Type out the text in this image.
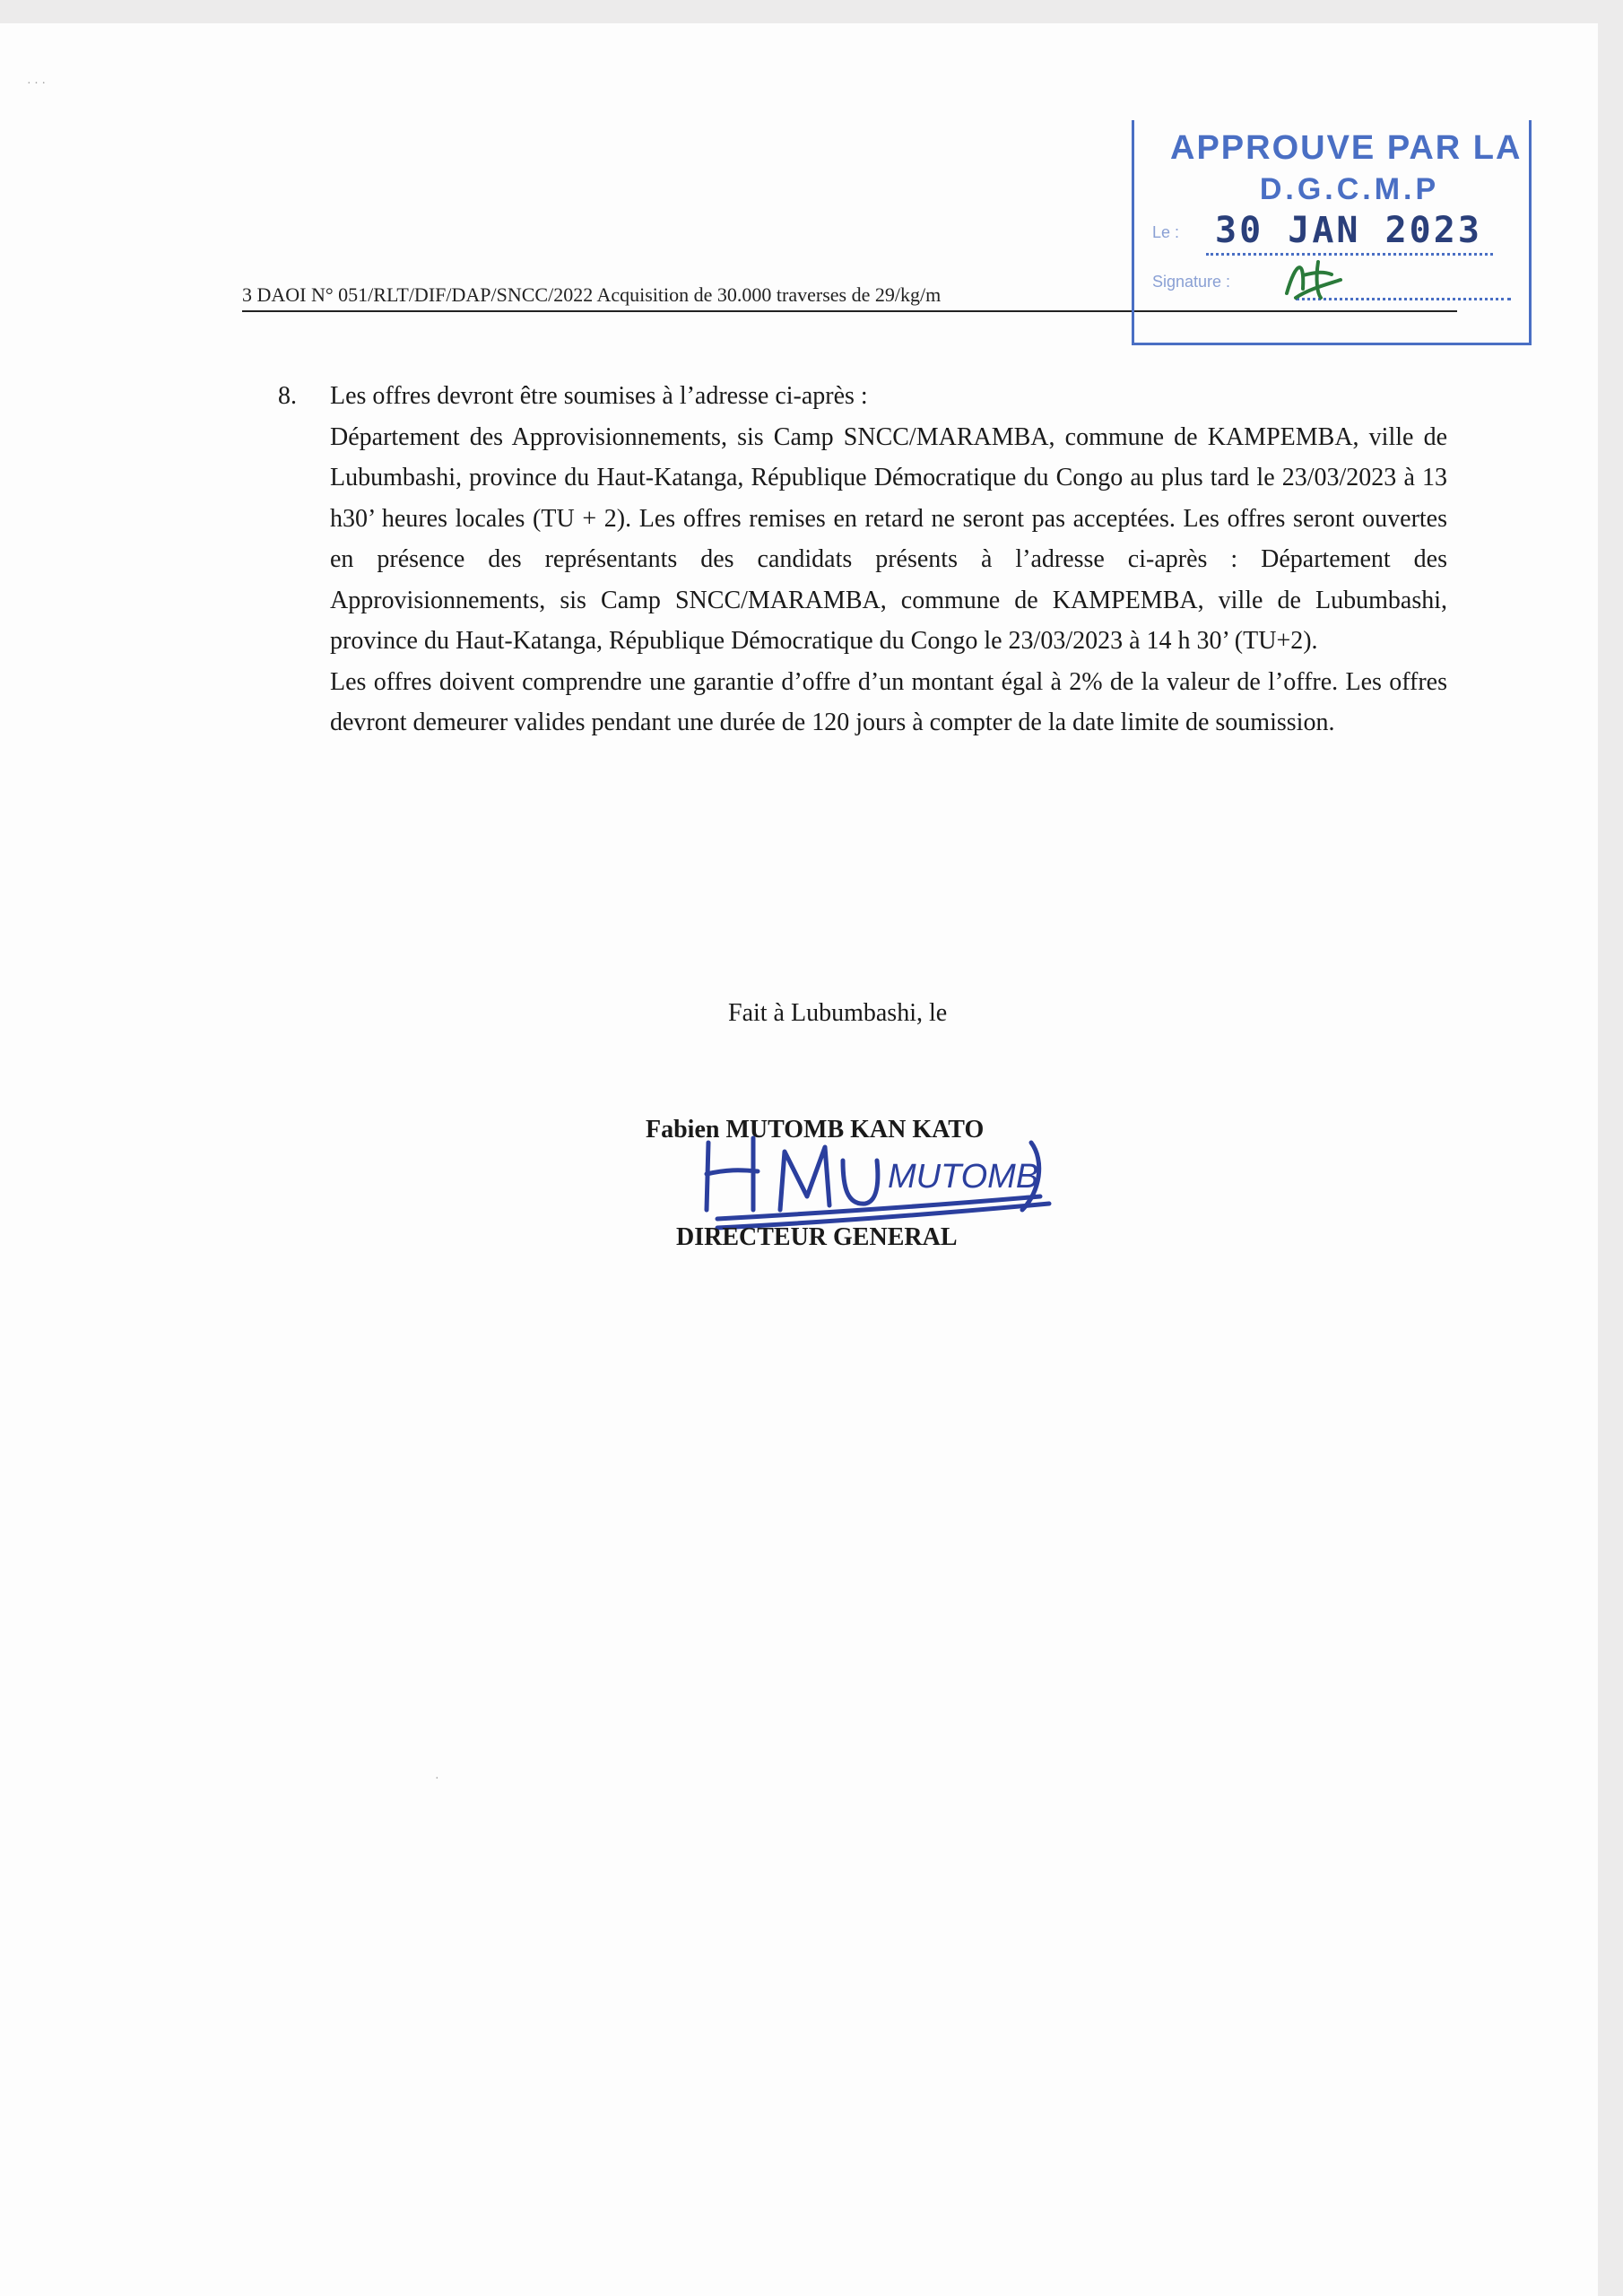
· · ·
3 DAOI N° 051/RLT/DIF/DAP/SNCC/2022 Acquisition de 30.000 traverses de 29/kg/m
APPROUVE PAR LA
D.G.C.M.P
Le : 30 JAN 2023
Signature :
8. Les offres devront être soumises à l’adresse ci-après :

Département des Approvisionnements, sis Camp SNCC/MARAMBA, commune de KAMPEMBA, ville de Lubumbashi, province du Haut-Katanga, République Démocratique du Congo au plus tard le 23/03/2023 à 13 h30’ heures locales (TU + 2). Les offres remises en retard ne seront pas acceptées. Les offres seront ouvertes en présence des représentants des candidats présents à l’adresse ci-après : Département des Approvisionnements, sis Camp SNCC/MARAMBA, commune de KAMPEMBA, ville de Lubumbashi, province du Haut-Katanga, République Démocratique du Congo le 23/03/2023 à 14 h 30’ (TU+2).

Les offres doivent comprendre une garantie d’offre d’un montant égal à 2% de la valeur de l’offre. Les offres devront demeurer valides pendant une durée de 120 jours à compter de la date limite de soumission.

Fait à Lubumbashi, le
Fabien MUTOMB KAN KATO
MUTOMB
DIRECTEUR GENERAL
·
